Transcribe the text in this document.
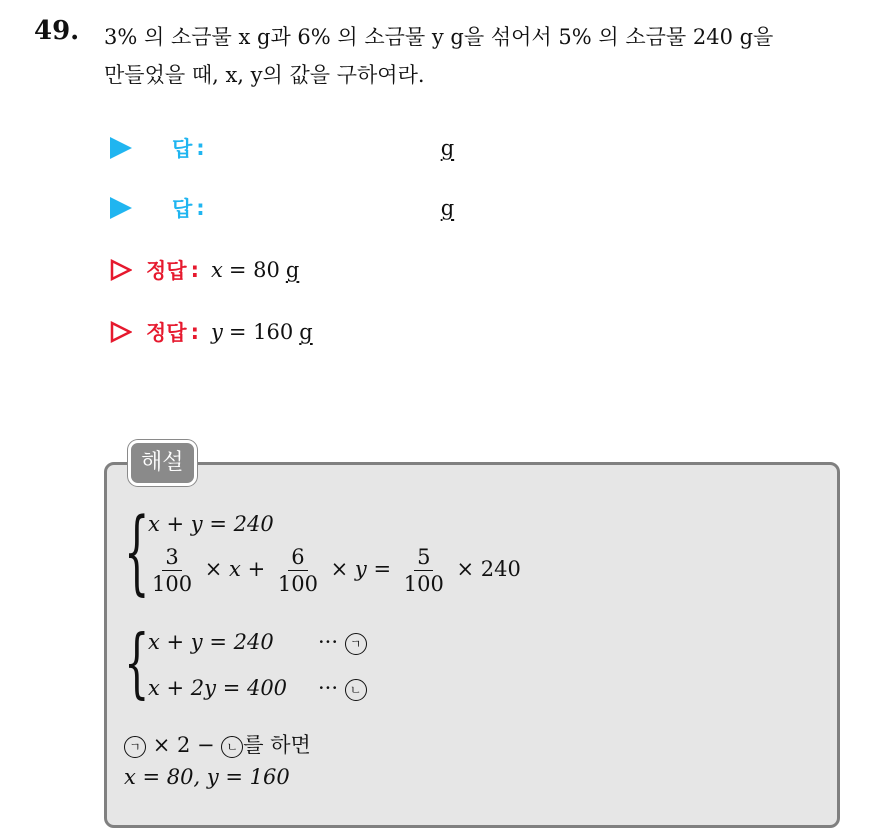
49. 3% 의 소금물 x g과 6% 의 소금물 y g을 섞어서 5% 의 소금물 240 g을
만들었을 때, x, y의 값을 구하여라.
답 :	g
답 :	g
정답 : x = 80 g
정답 : y = 160 g
해설
{
x + y = 240
$\frac{3}{100} \times x + \frac{6}{100} \times y = \frac{5}{100} \times 240$
{
x + y = 240 ··· ㄱ
x + 2y = 400 ··· ㄴ
ㄱ × 2 − ㄴ 를 하면
x = 80, y = 160
